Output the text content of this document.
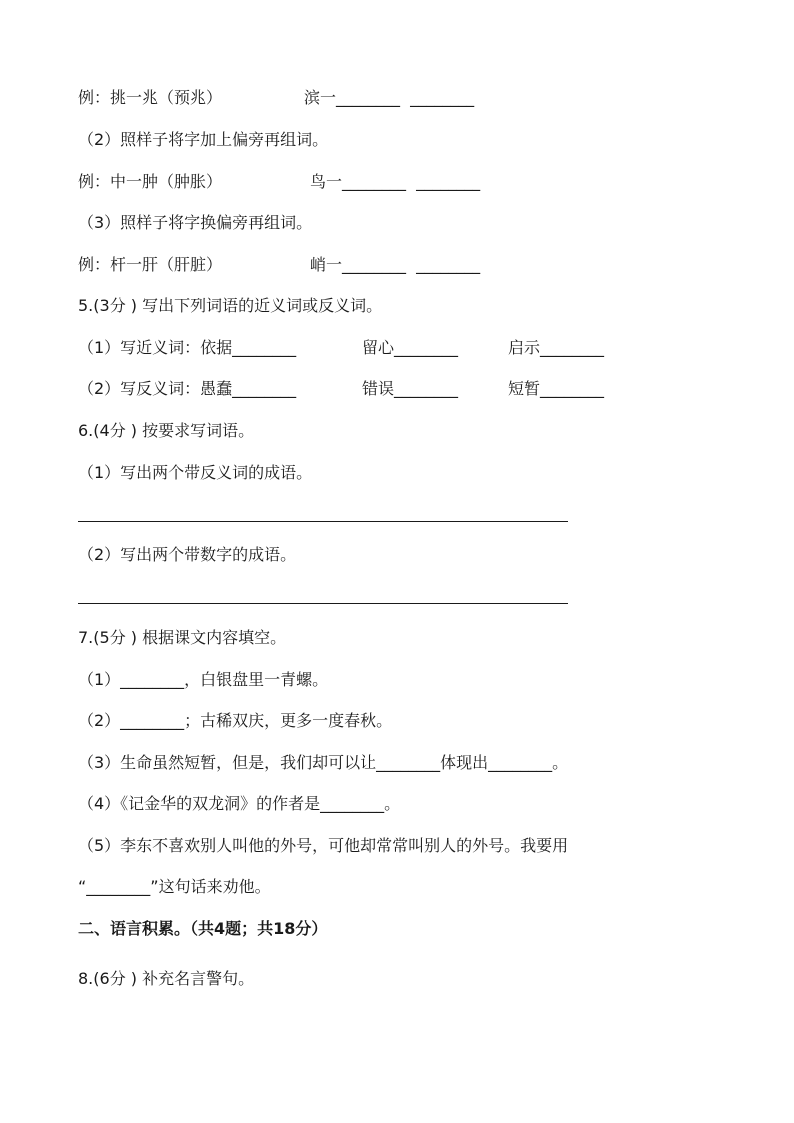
例：挑一兆（预兆）

	滨一________  ________

（2）照样子将字加上偏旁再组词。

例：中一肿（肿胀）

	鸟一________  ________

（3）照样子将字换偏旁再组词。

例：杆一肝（肝脏）

	峭一________  ________

5.(3分 ) 写出下列词语的近义词或反义词。

（1）写近义词：依据________

	留心________

	启示________

（2）写反义词：愚蠢________

	错误________

	短暂________

6.(4分 ) 按要求写词语。
（1）写出两个带反义词的成语。
（2）写出两个带数字的成语。
7.(5分 ) 根据课文内容填空。
（1）________，白银盘里一青螺。
（2）________；古稀双庆，更多一度春秋。
（3）生命虽然短暂，但是，我们却可以让________体现出________。
（4）《记金华的双龙洞》的作者是________。
（5）李东不喜欢别人叫他的外号，可他却常常叫别人的外号。我要用
“________”这句话来劝他。
二、语言积累。（共4题；共18分）
8.(6分 ) 补充名言警句。
